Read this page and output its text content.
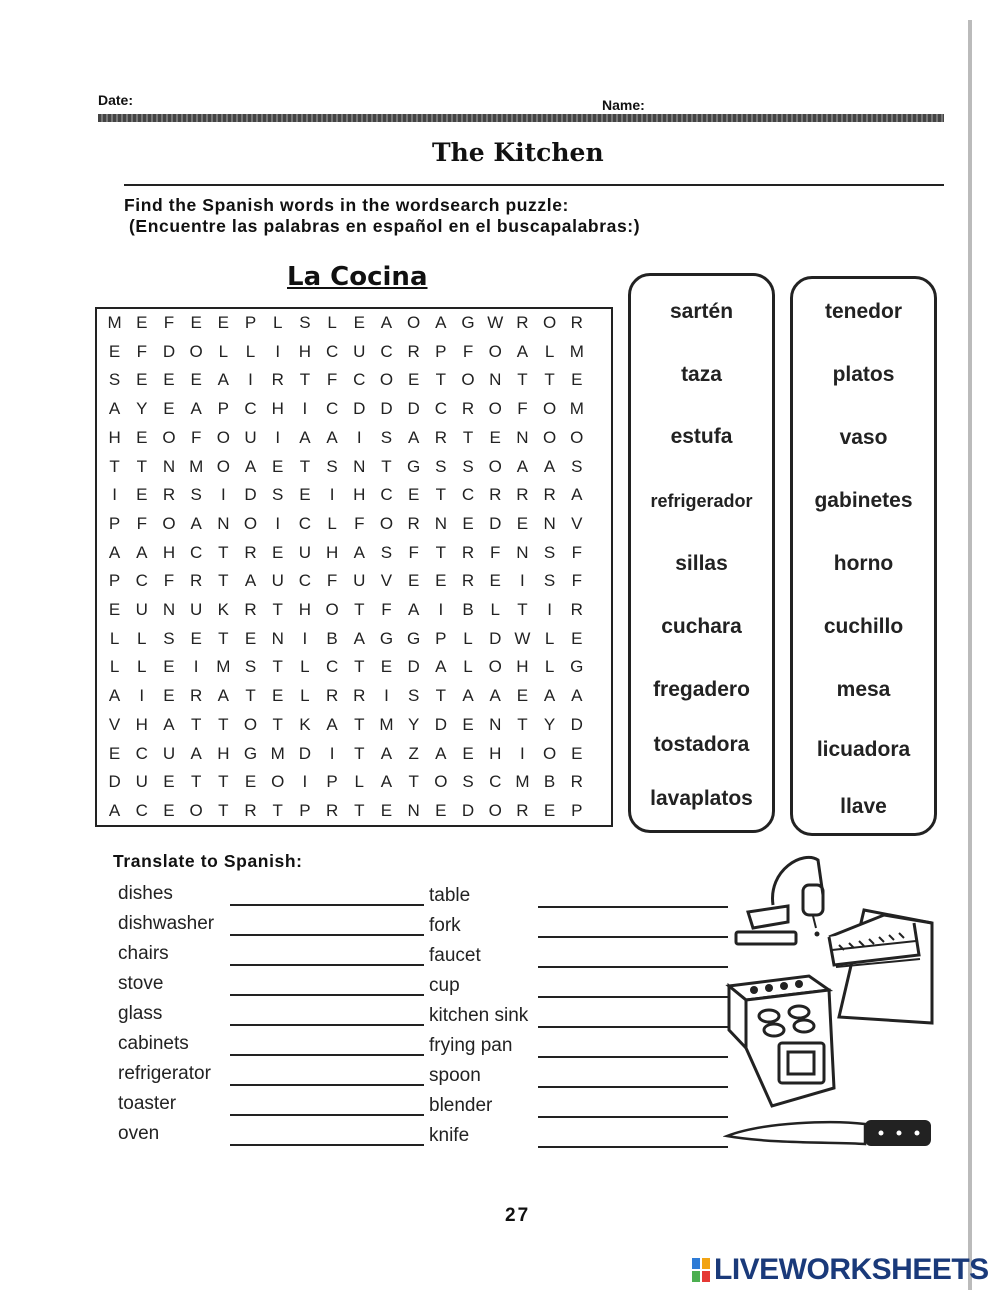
Date:	Name:
The Kitchen
Find the Spanish words in the wordsearch puzzle:
(Encuentre las palabras en español en el buscapalabras:)
La Cocina
M E F E E P L S L E A O A G W R O R
E F D O L	L	I	H C U C R P F O A L M
S E E E A	I	R T F C O E T O N T T E
A Y E A P C H	I	C D D D C R O F O M
H E O F O U	I	A A	I	S A R T E N O O
T T N M O A E T S N T G S S O A A S
I	E R S	I	D S E	I	H C E T C R R R A
P F O A N O	I	C L	F O R N E D E N V
A A H C T R E U H A S F T R F N S F
P C F R T A U C F U V E E R E	I	S F
E U N U K R T H O T F A	I	B L	T	I	R
L	L S E T E N	I	B A G G P L D W L E
L	L E	I	M S T	L C T E D A L O H L G
A	I	E R A T E L R R	I	S T A A E A A
V H A T T O T K A T M Y D E N T Y D
E C U A H G M D	I	T A Z A E H	I	O E
D U E T T E O	I	P L A T O S C M B R
A C E O T R T P R T E N E D O R E P
sartén
taza
estufa
refrigerador
sillas
cuchara
fregadero
tostadora
lavaplatos
tenedor
platos
vaso
gabinetes
horno
cuchillo
mesa
licuadora
llave
Translate to Spanish:
dishes	table
dishwasher	fork
chairs	faucet
stove	cup
glass	kitchen sink
cabinets	frying pan
refrigerator	spoon
toaster	blender
oven	knife
27
LIVEWORKSHEETS
